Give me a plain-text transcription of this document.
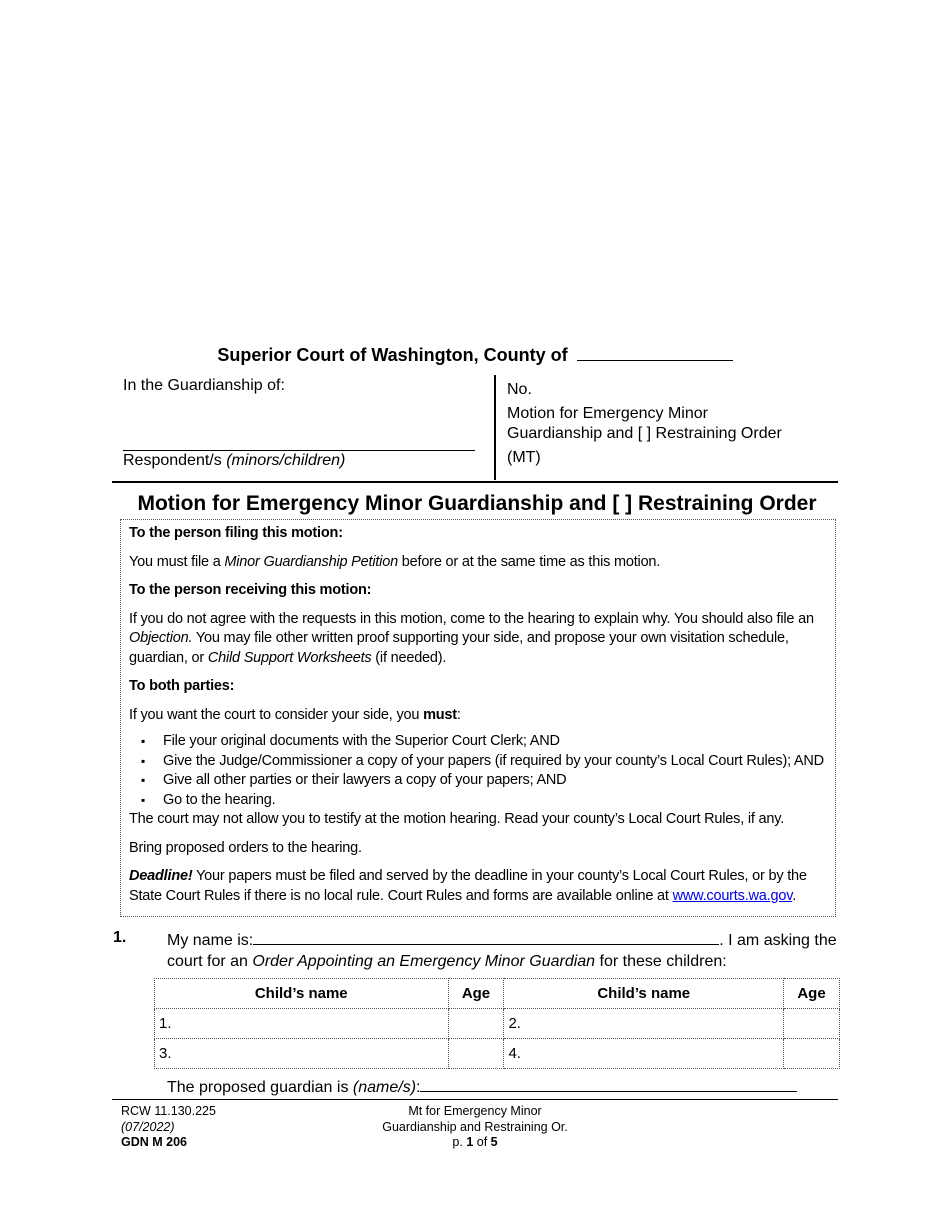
Superior Court of Washington, County of
In the Guardianship of:
Respondent/s (minors/children)
No.
Motion for Emergency Minor
Guardianship and [ ] Restraining Order
(MT)
Motion for Emergency Minor Guardianship and [ ] Restraining Order

To the person filing this motion:

You must file a Minor Guardianship Petition before or at the same time as this motion.

To the person receiving this motion:

If you do not agree with the requests in this motion, come to the hearing to explain why. You should also file an Objection. You may file other written proof supporting your side, and propose your own visitation schedule, guardian, or Child Support Worksheets (if needed).

To both parties:

If you want the court to consider your side, you must:

▪ File your original documents with the Superior Court Clerk; AND
▪ Give the Judge/Commissioner a copy of your papers (if required by your county’s Local Court Rules); AND
▪ Give all other parties or their lawyers a copy of your papers; AND
▪ Go to the hearing.

The court may not allow you to testify at the motion hearing. Read your county’s Local Court Rules, if any.

Bring proposed orders to the hearing.

Deadline! Your papers must be filed and served by the deadline in your county’s Local Court Rules, or by the State Court Rules if there is no local rule. Court Rules and forms are available online at www.courts.wa.gov.

1.	My name is:	. I am asking the court for an Order Appointing an Emergency Minor Guardian for these children:
Child’s name	Age	Child’s name	Age
1.		2.	
3.		4.	
The proposed guardian is (name/s):
RCW 11.130.225
(07/2022)
GDN M 206
Mt for Emergency Minor
Guardianship and Restraining Or.
p. 1 of 5
